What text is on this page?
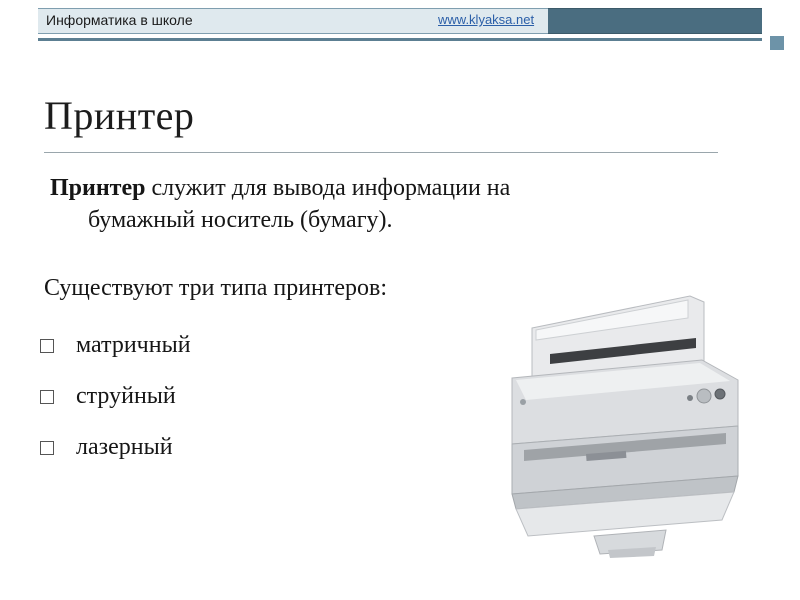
Информатика в школе	www.klyaksa.net
Принтер
Принтер служит для вывода информации на
бумажный носитель (бумагу).
Существуют три типа принтеров:
матричный
струйный
лазерный
